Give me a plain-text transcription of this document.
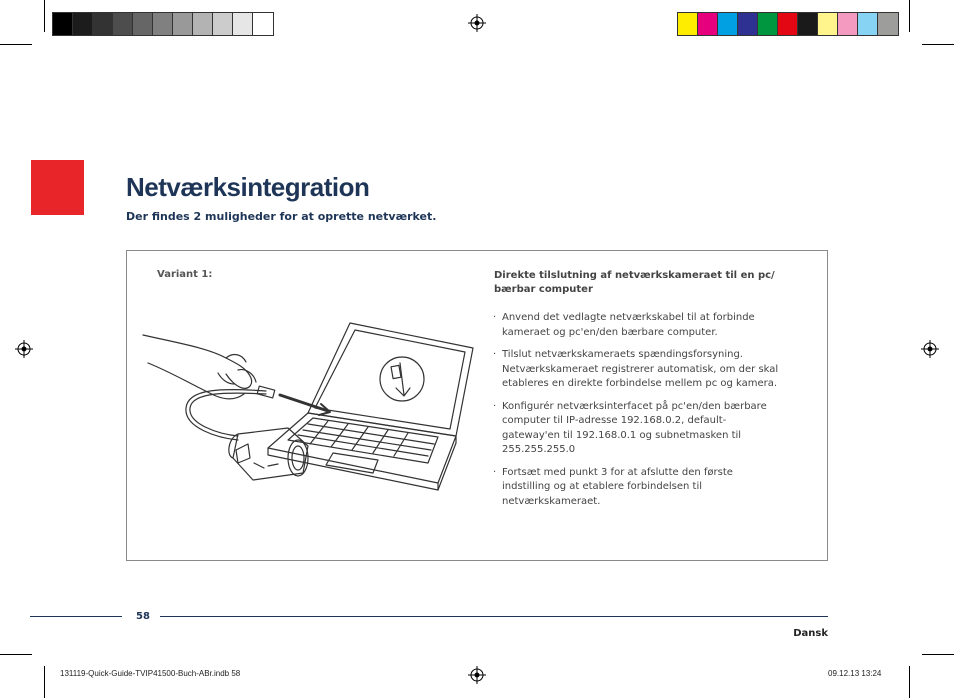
Netværksintegration

Der findes 2 muligheder for at oprette netværket.

Variant 1:	Direkte tilslutning af netværkskameraet til en pc/ bærbar computer
· Anvend det vedlagte netværkskabel til at forbinde kameraet og pc'en/den bærbare computer.
· Tilslut netværkskameraets spændingsforsyning. Netværkskameraet registrerer automatisk, om der skal etableres en direkte forbindelse mellem pc og kamera.
· Konfigurér netværksinterfacet på pc'en/den bærbare computer til IP-adresse 192.168.0.2, default-gateway'en til 192.168.0.1 og subnetmasken til 255.255.255.0
· Fortsæt med punkt 3 for at afslutte den første indstilling og at etablere forbindelsen til netværkskameraet.
58
Dansk
131119-Quick-Guide-TVIP41500-Buch-ABr.indb 58	09.12.13 13:24
